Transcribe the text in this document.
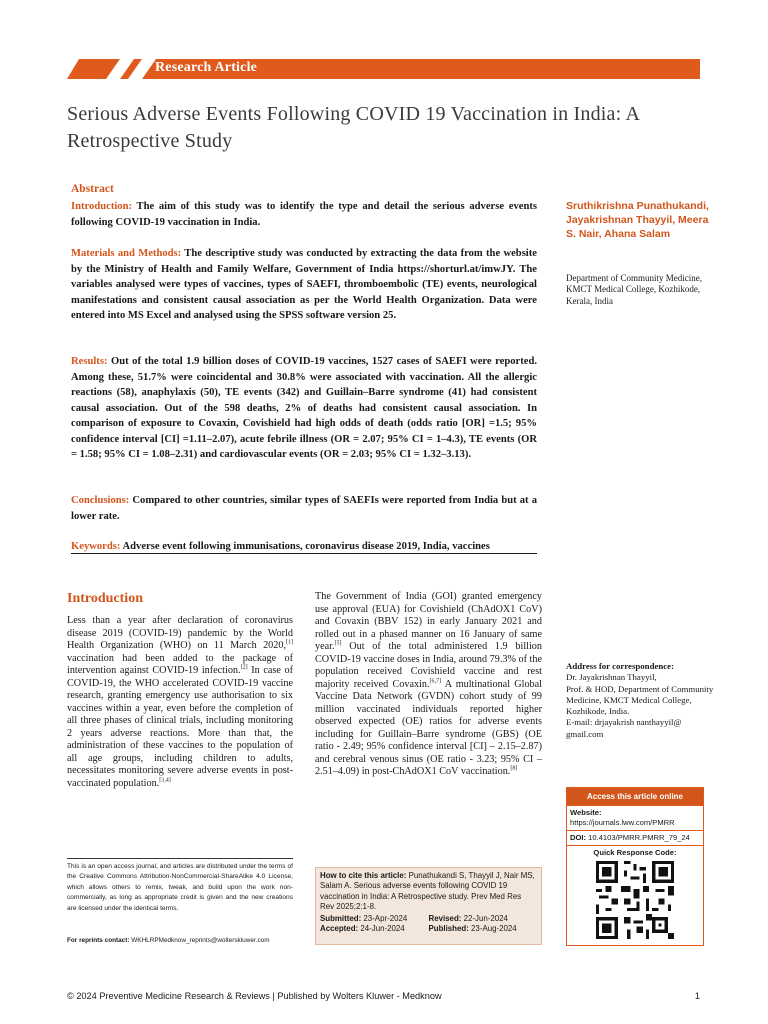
Research Article
Serious Adverse Events Following COVID 19 Vaccination in India: A Retrospective Study
Abstract
Introduction: The aim of this study was to identify the type and detail the serious adverse events following COVID-19 vaccination in India.
Materials and Methods: The descriptive study was conducted by extracting the data from the website by the Ministry of Health and Family Welfare, Government of India https://shorturl.at/imwJY. The variables analysed were types of vaccines, types of SAEFI, thromboembolic (TE) events, neurological manifestations and consistent causal association as per the World Health Organization. Data were entered into MS Excel and analysed using the SPSS software version 25.
Results: Out of the total 1.9 billion doses of COVID-19 vaccines, 1527 cases of SAEFI were reported. Among these, 51.7% were coincidental and 30.8% were associated with vaccination. All the allergic reactions (58), anaphylaxis (50), TE events (342) and Guillain–Barre syndrome (41) had consistent causal association. Out of the 598 deaths, 2% of deaths had consistent causal association. In comparison of exposure to Covaxin, Covishield had high odds of death (odds ratio [OR] =1.5; 95% confidence interval [CI] =1.11–2.07), acute febrile illness (OR = 2.07; 95% CI = 1–4.3), TE events (OR = 1.58; 95% CI = 1.08–2.31) and cardiovascular events (OR = 2.03; 95% CI = 1.32–3.13).
Conclusions: Compared to other countries, similar types of SAEFIs were reported from India but at a lower rate.
Keywords: Adverse event following immunisations, coronavirus disease 2019, India, vaccines
Sruthikrishna Punathukandi, Jayakrishnan Thayyil, Meera S. Nair, Ahana Salam
Department of Community Medicine, KMCT Medical College, Kozhikode, Kerala, India
Introduction
Less than a year after declaration of coronavirus disease 2019 (COVID-19) pandemic by the World Health Organization (WHO) on 11 March 2020,[1] vaccination had been added to the package of intervention against COVID-19 infection.[2] In case of COVID-19, the WHO accelerated COVID-19 vaccine research, granting emergency use authorisation to six vaccines within a year, even before the completion of all three phases of clinical trials, including monitoring 2 years adverse reactions. More than that, the administration of these vaccines to the population of all age groups, including children to adults, necessitates monitoring severe adverse events in post-vaccinated population.[3,4]
The Government of India (GOI) granted emergency use approval (EUA) for Covishield (ChAdOX1 CoV) and Covaxin (BBV 152) in early January 2021 and rolled out in a phased manner on 16 January of same year.[5] Out of the total administered 1.9 billion COVID-19 vaccine doses in India, around 79.3% of the population received Covishield vaccine and rest majority received Covaxin.[6,7] A multinational Global Vaccine Data Network (GVDN) cohort study of 99 million vaccinated individuals reported higher observed expected (OE) ratios for adverse events including for Guillain–Barre syndrome (GBS) (OE ratio - 2.49; 95% confidence interval [CI] – 2.15–2.87) and cerebral venous sinus (OE ratio - 3.23; 95% CI – 2.51–4.09) in post-ChAdOX1 CoV vaccination.[8]
This is an open access journal, and articles are distributed under the terms of the Creative Commons Attribution-NonCommercial-ShareAlike 4.0 License, which allows others to remix, tweak, and build upon the work non-commercially, as long as appropriate credit is given and the new creations are licensed under the identical terms.
For reprints contact: WKHLRPMedknow_reprints@wolterskluwer.com
How to cite this article: Punathukandi S, Thayyil J, Nair MS, Salam A. Serious adverse events following COVID 19 vaccination in India: A Retrospective study. Prev Med Res Rev 2025;2:1-8.
Submitted: 23-Apr-2024	Revised: 22-Jun-2024
Accepted: 24-Jun-2024	Published: 23-Aug-2024
Address for correspondence:
Dr. Jayakrishnan Thayyil,
Prof. & HOD, Department of Community Medicine, KMCT Medical College, Kozhikode, India.
E-mail: drjayakrish nanthayyil@ gmail.com
Access this article online
Website: https://journals.lww.com/PMRR
DOI: 10.4103/PMRR.PMRR_79_24
Quick Response Code:
© 2024 Preventive Medicine Research & Reviews | Published by Wolters Kluwer - Medknow	1
